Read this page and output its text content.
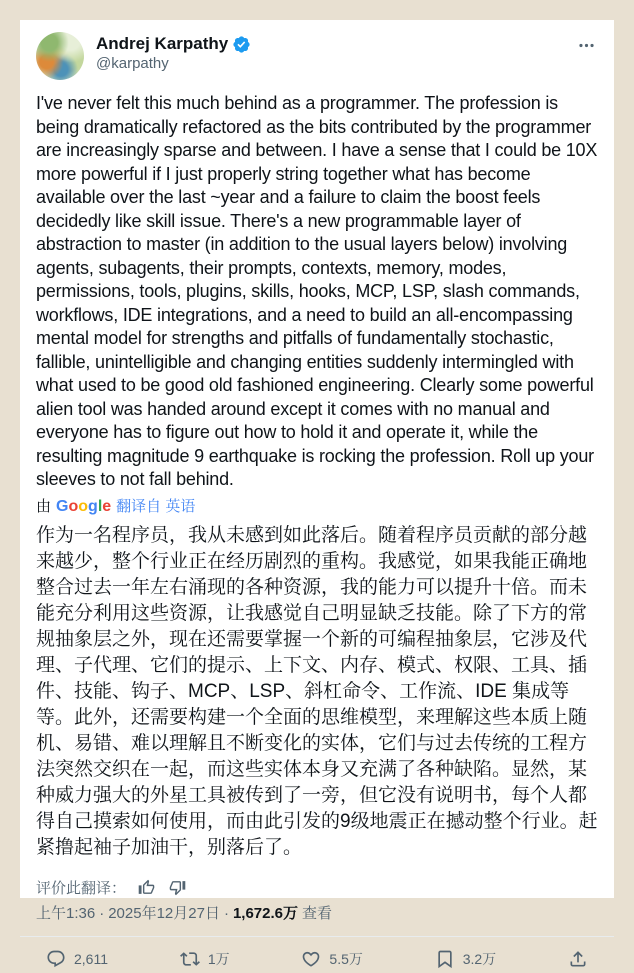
Andrej Karpathy
@karpathy

I've never felt this much behind as a programmer. The profession is being dramatically refactored as the bits contributed by the programmer are increasingly sparse and between. I have a sense that I could be 10X more powerful if I just properly string together what has become available over the last ~year and a failure to claim the boost feels decidedly like skill issue. There's a new programmable layer of abstraction to master (in addition to the usual layers below) involving agents, subagents, their prompts, contexts, memory, modes, permissions, tools, plugins, skills, hooks, MCP, LSP, slash commands, workflows, IDE integrations, and a need to build an all-encompassing mental model for strengths and pitfalls of fundamentally stochastic, fallible, unintelligible and changing entities suddenly intermingled with what used to be good old fashioned engineering. Clearly some powerful alien tool was handed around except it comes with no manual and everyone has to figure out how to hold it and operate it, while the resulting magnitude 9 earthquake is rocking the profession. Roll up your sleeves to not fall behind.

由 Google 翻译自 英语

作为一名程序员，我从未感到如此落后。随着程序员贡献的部分越来越少，整个行业正在经历剧烈的重构。我感觉，如果我能正确地整合过去一年左右涌现的各种资源，我的能力可以提升十倍。而未能充分利用这些资源，让我感觉自己明显缺乏技能。除了下方的常规抽象层之外，现在还需要掌握一个新的可编程抽象层，它涉及代理、子代理、它们的提示、上下文、内存、模式、权限、工具、插件、技能、钩子、MCP、LSP、斜杠命令、工作流、IDE 集成等等。此外，还需要构建一个全面的思维模型，来理解这些本质上随机、易错、难以理解且不断变化的实体，它们与过去传统的工程方法突然交织在一起，而这些实体本身又充满了各种缺陷。显然，某种威力强大的外星工具被传到了一旁，但它没有说明书，每个人都得自己摸索如何使用，而由此引发的9级地震正在撼动整个行业。赶紧撸起袖子加油干，别落后了。

评价此翻译：
上午1:36 · 2025年12月27日 · 1,672.6万 查看
2,611	1万	5.5万	3.2万
